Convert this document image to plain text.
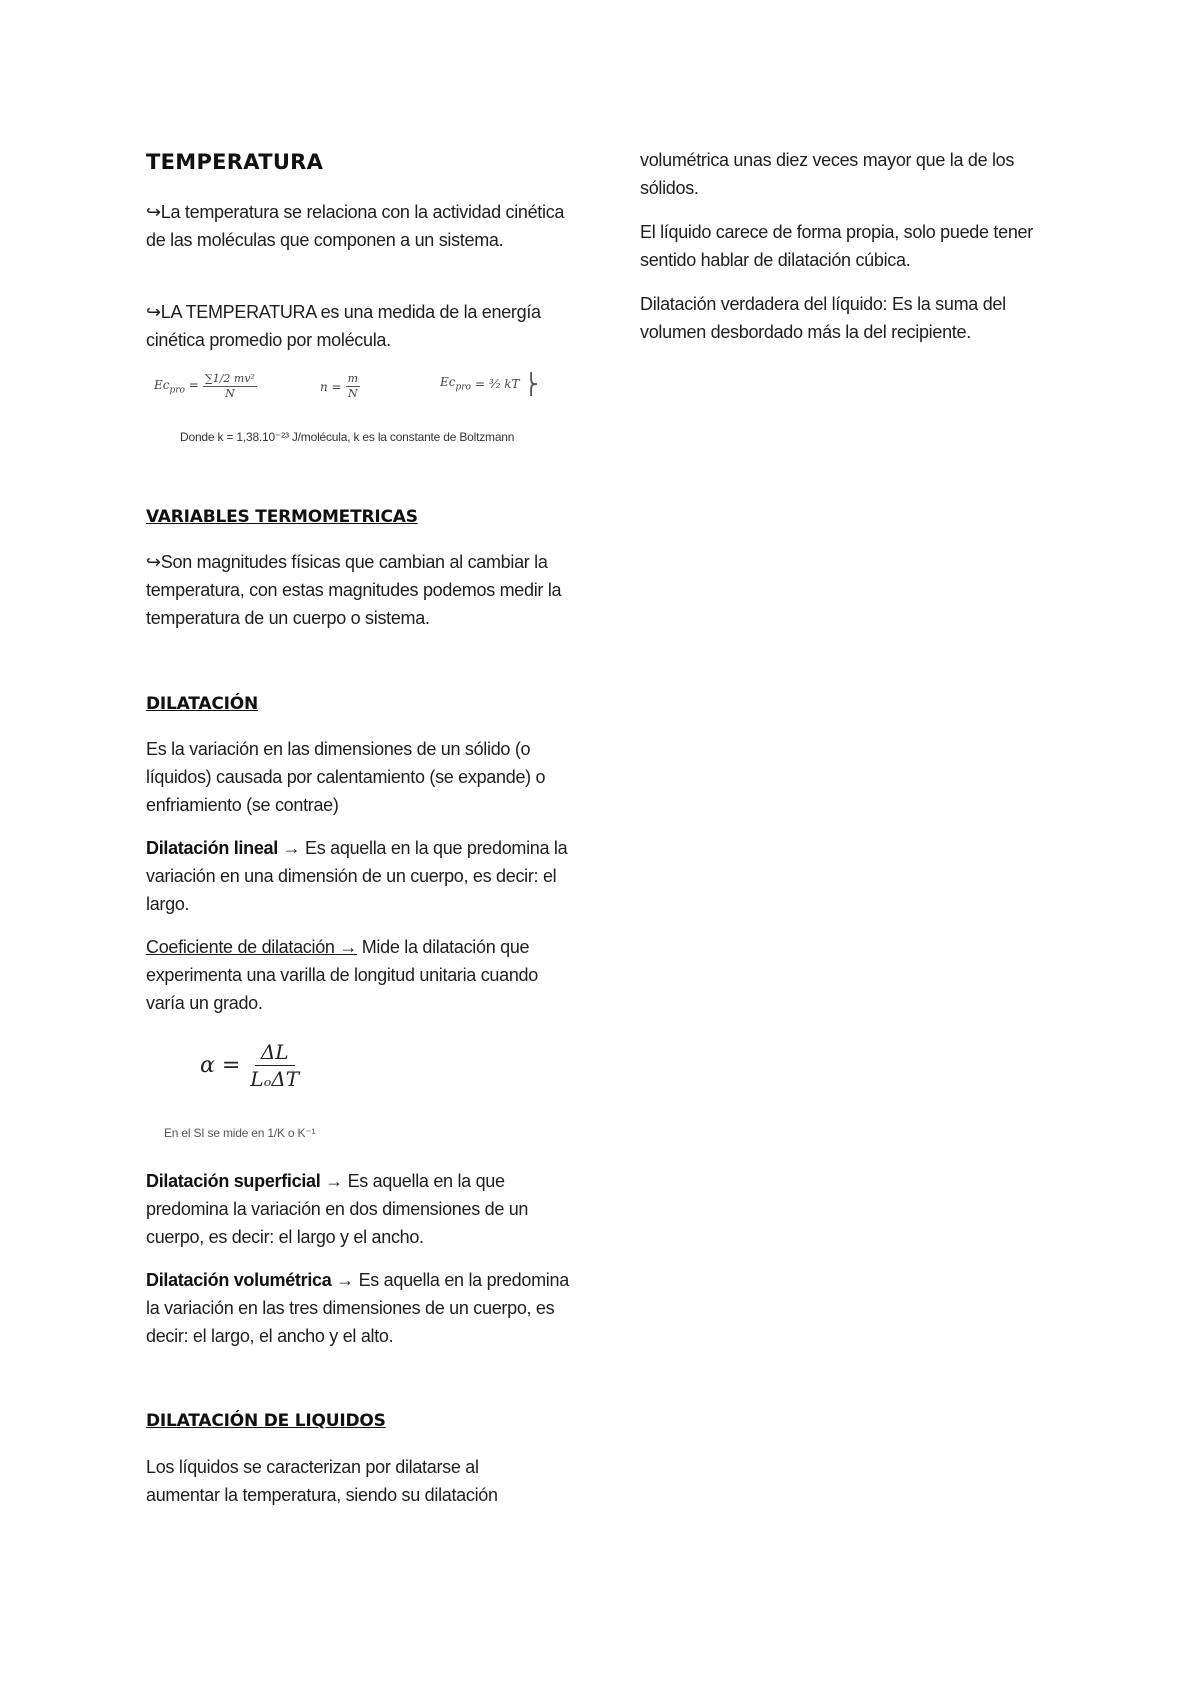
TEMPERATURA

↪La temperatura se relaciona con la actividad cinética de las moléculas que componen a un sistema.

↪LA TEMPERATURA es una medida de la energía cinética promedio por molécula.

$Ec_{pro} = \frac{\text{∑1/2 mv²}}{N}$	$n = \frac{m}{N}$	$Ec_{pro}$ = ³⁄₂ kT ⎬

Donde k = 1,38.10⁻²³ J/molécula, k es la constante de Boltzmann

VARIABLES TERMOMETRICAS

↪Son magnitudes físicas que cambian al cambiar la temperatura, con estas magnitudes podemos medir la temperatura de un cuerpo o sistema.

DILATACIÓN

Es la variación en las dimensiones de un sólido (o líquidos) causada por calentamiento (se expande) o enfriamiento (se contrae)

Dilatación lineal → Es aquella en la que predomina la variación en una dimensión de un cuerpo, es decir: el largo.

Coeficiente de dilatación → Mide la dilatación que experimenta una varilla de longitud unitaria cuando varía un grado.

$\alpha = \frac{\Delta L}{\text{LₒΔT}}$

En el SI se mide en 1/K o K⁻¹

Dilatación superficial → Es aquella en la que predomina la variación en dos dimensiones de un cuerpo, es decir: el largo y el ancho.

Dilatación volumétrica → Es aquella en la predomina la variación en las tres dimensiones de un cuerpo, es decir: el largo, el ancho y el alto.

DILATACIÓN DE LIQUIDOS

Los líquidos se caracterizan por dilatarse al aumentar la temperatura, siendo su dilatación

volumétrica unas diez veces mayor que la de los sólidos.

El líquido carece de forma propia, solo puede tener sentido hablar de dilatación cúbica.

Dilatación verdadera del líquido: Es la suma del volumen desbordado más la del recipiente.
